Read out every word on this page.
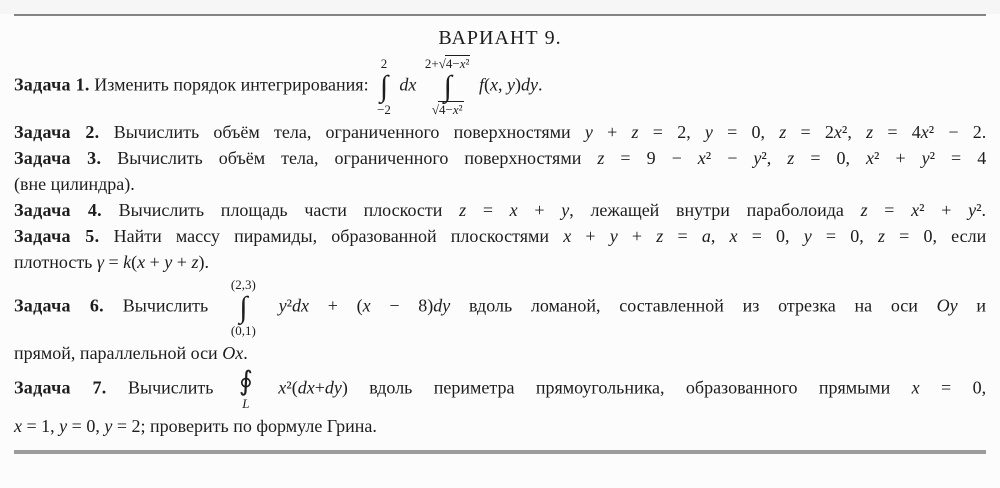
ВАРИАНТ 9.
Задача 1. Изменить порядок интегрирования:
2
∫
−2
dx
2+√4−x²
∫
√4−x²
f(x, y)dy.
Задача 2. Вычислить объём тела, ограниченного поверхностями y + z = 2, y = 0, z = 2x², z = 4x² − 2.
Задача 3. Вычислить объём тела, ограниченного поверхностями z = 9 − x² − y², z = 0, x² + y² = 4
(вне цилиндра).
Задача 4. Вычислить площадь части плоскости z = x + y, лежащей внутри параболоида z = x² + y².
Задача 5. Найти массу пирамиды, образованной плоскостями x + y + z = a, x = 0, y = 0, z = 0, если
плотность γ = k(x + y + z).
Задача 6. Вычислить
(2,3)
∫
(0,1)
y²dx + (x − 8)dy вдоль ломаной, составленной из отрезка на оси Oy и
прямой, параллельной оси Ox.
Задача 7. Вычислить ∮
L
x²(dx+dy) вдоль периметра прямоугольника, образованного прямыми x = 0,
x = 1, y = 0, y = 2; проверить по формуле Грина.
